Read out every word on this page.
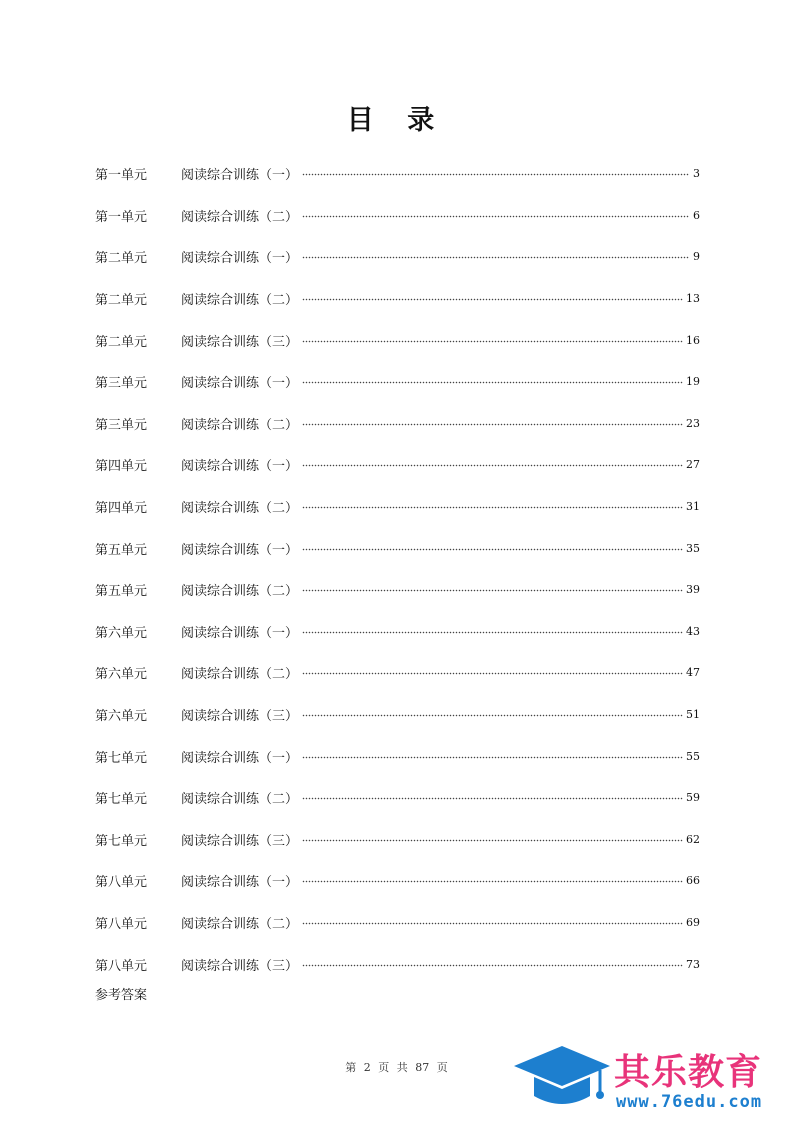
目 录
第一单元	阅读综合训练（一）	3
第一单元	阅读综合训练（二）	6
第二单元	阅读综合训练（一）	9
第二单元	阅读综合训练（二）	13
第二单元	阅读综合训练（三）	16
第三单元	阅读综合训练（一）	19
第三单元	阅读综合训练（二）	23
第四单元	阅读综合训练（一）	27
第四单元	阅读综合训练（二）	31
第五单元	阅读综合训练（一）	35
第五单元	阅读综合训练（二）	39
第六单元	阅读综合训练（一）	43
第六单元	阅读综合训练（二）	47
第六单元	阅读综合训练（三）	51
第七单元	阅读综合训练（一）	55
第七单元	阅读综合训练（二）	59
第七单元	阅读综合训练（三）	62
第八单元	阅读综合训练（一）	66
第八单元	阅读综合训练（二）	69
第八单元	阅读综合训练（三）	73
参考答案
第 2 页 共 87 页	其乐教育
www.76edu.com
